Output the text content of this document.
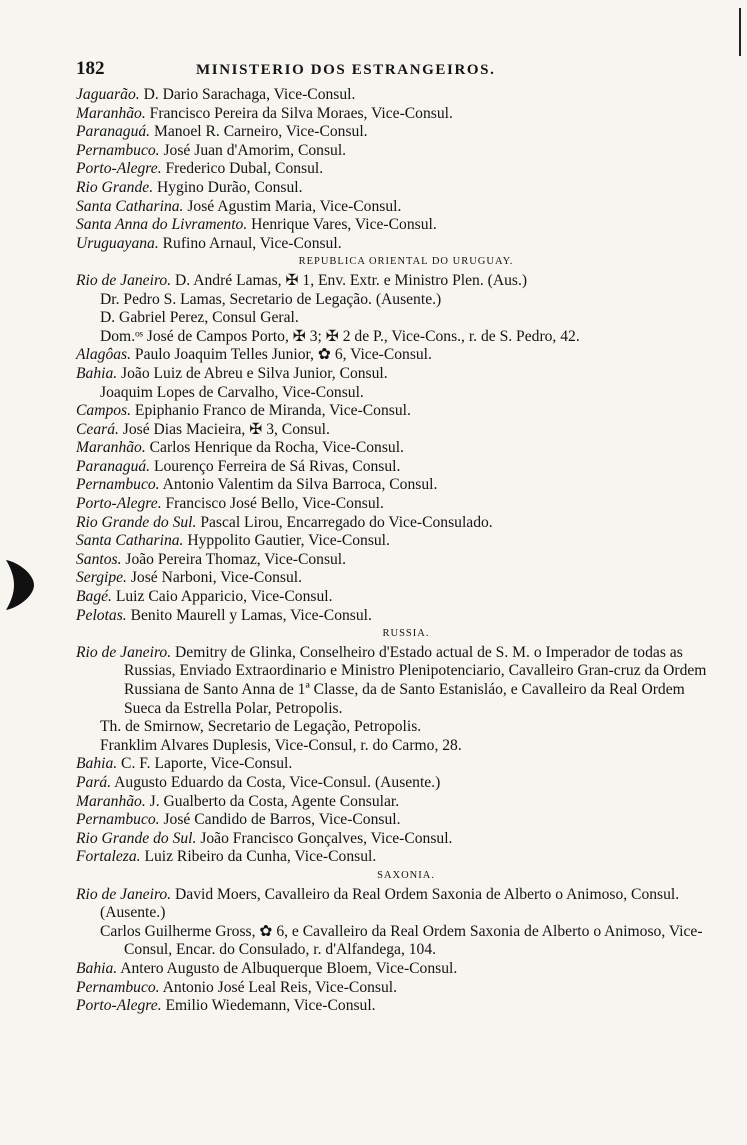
182	MINISTERIO DOS ESTRANGEIROS.
Jaguarão. D. Dario Sarachaga, Vice-Consul.
Maranhão. Francisco Pereira da Silva Moraes, Vice-Consul.
Paranaguá. Manoel R. Carneiro, Vice-Consul.
Pernambuco. José Juan d'Amorim, Consul.
Porto-Alegre. Frederico Dubal, Consul.
Rio Grande. Hygino Durão, Consul.
Santa Catharina. José Agustim Maria, Vice-Consul.
Santa Anna do Livramento. Henrique Vares, Vice-Consul.
Uruguayana. Rufino Arnaul, Vice-Consul.
REPUBLICA ORIENTAL DO URUGUAY.
Rio de Janeiro. D. André Lamas, ✠ 1, Env. Extr. e Ministro Plen. (Aus.)
Dr. Pedro S. Lamas, Secretario de Legação. (Ausente.)
D. Gabriel Perez, Consul Geral.
Dom.ᵒˢ José de Campos Porto, ✠ 3; ✠ 2 de P., Vice-Cons., r. de S. Pedro, 42.
Alagôas. Paulo Joaquim Telles Junior, ✿ 6, Vice-Consul.
Bahia. João Luiz de Abreu e Silva Junior, Consul.
Joaquim Lopes de Carvalho, Vice-Consul.
Campos. Epiphanio Franco de Miranda, Vice-Consul.
Ceará. José Dias Macieira, ✠ 3, Consul.
Maranhão. Carlos Henrique da Rocha, Vice-Consul.
Paranaguá. Lourenço Ferreira de Sá Rivas, Consul.
Pernambuco. Antonio Valentim da Silva Barroca, Consul.
Porto-Alegre. Francisco José Bello, Vice-Consul.
Rio Grande do Sul. Pascal Lirou, Encarregado do Vice-Consulado.
Santa Catharina. Hyppolito Gautier, Vice-Consul.
Santos. João Pereira Thomaz, Vice-Consul.
Sergipe. José Narboni, Vice-Consul.
Bagé. Luiz Caio Apparicio, Vice-Consul.
Pelotas. Benito Maurell y Lamas, Vice-Consul.
RUSSIA.
Rio de Janeiro. Demitry de Glinka, Conselheiro d'Estado actual de S. M. o Imperador de todas as Russias, Enviado Extraordinario e Ministro Plenipotenciario, Cavalleiro Gran-cruz da Ordem Russiana de Santo Anna de 1ª Classe, da de Santo Estanisláo, e Cavalleiro da Real Ordem Sueca da Estrella Polar, Petropolis.
Th. de Smirnow, Secretario de Legação, Petropolis.
Franklim Alvares Duplesis, Vice-Consul, r. do Carmo, 28.
Bahia. C. F. Laporte, Vice-Consul.
Pará. Augusto Eduardo da Costa, Vice-Consul. (Ausente.)
Maranhão. J. Gualberto da Costa, Agente Consular.
Pernambuco. José Candido de Barros, Vice-Consul.
Rio Grande do Sul. João Francisco Gonçalves, Vice-Consul.
Fortaleza. Luiz Ribeiro da Cunha, Vice-Consul.
SAXONIA.
Rio de Janeiro. David Moers, Cavalleiro da Real Ordem Saxonia de Alberto o Animoso, Consul. (Ausente.)
Carlos Guilherme Gross, ✿ 6, e Cavalleiro da Real Ordem Saxonia de Alberto o Animoso, Vice-Consul, Encar. do Consulado, r. d'Alfandega, 104.
Bahia. Antero Augusto de Albuquerque Bloem, Vice-Consul.
Pernambuco. Antonio José Leal Reis, Vice-Consul.
Porto-Alegre. Emilio Wiedemann, Vice-Consul.
